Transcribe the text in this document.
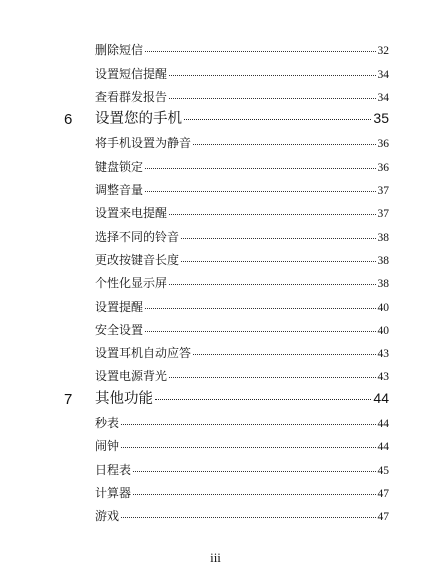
删除短信	32
设置短信提醒	34
查看群发报告	34
6 设置您的手机	35
将手机设置为静音	36
键盘锁定	36
调整音量	37
设置来电提醒	37
选择不同的铃音	38
更改按键音长度	38
个性化显示屏	38
设置提醒	40
安全设置	40
设置耳机自动应答	43
设置电源背光	43
7 其他功能	44
秒表	44
闹钟	44
日程表	45
计算器	47
游戏	47
iii
